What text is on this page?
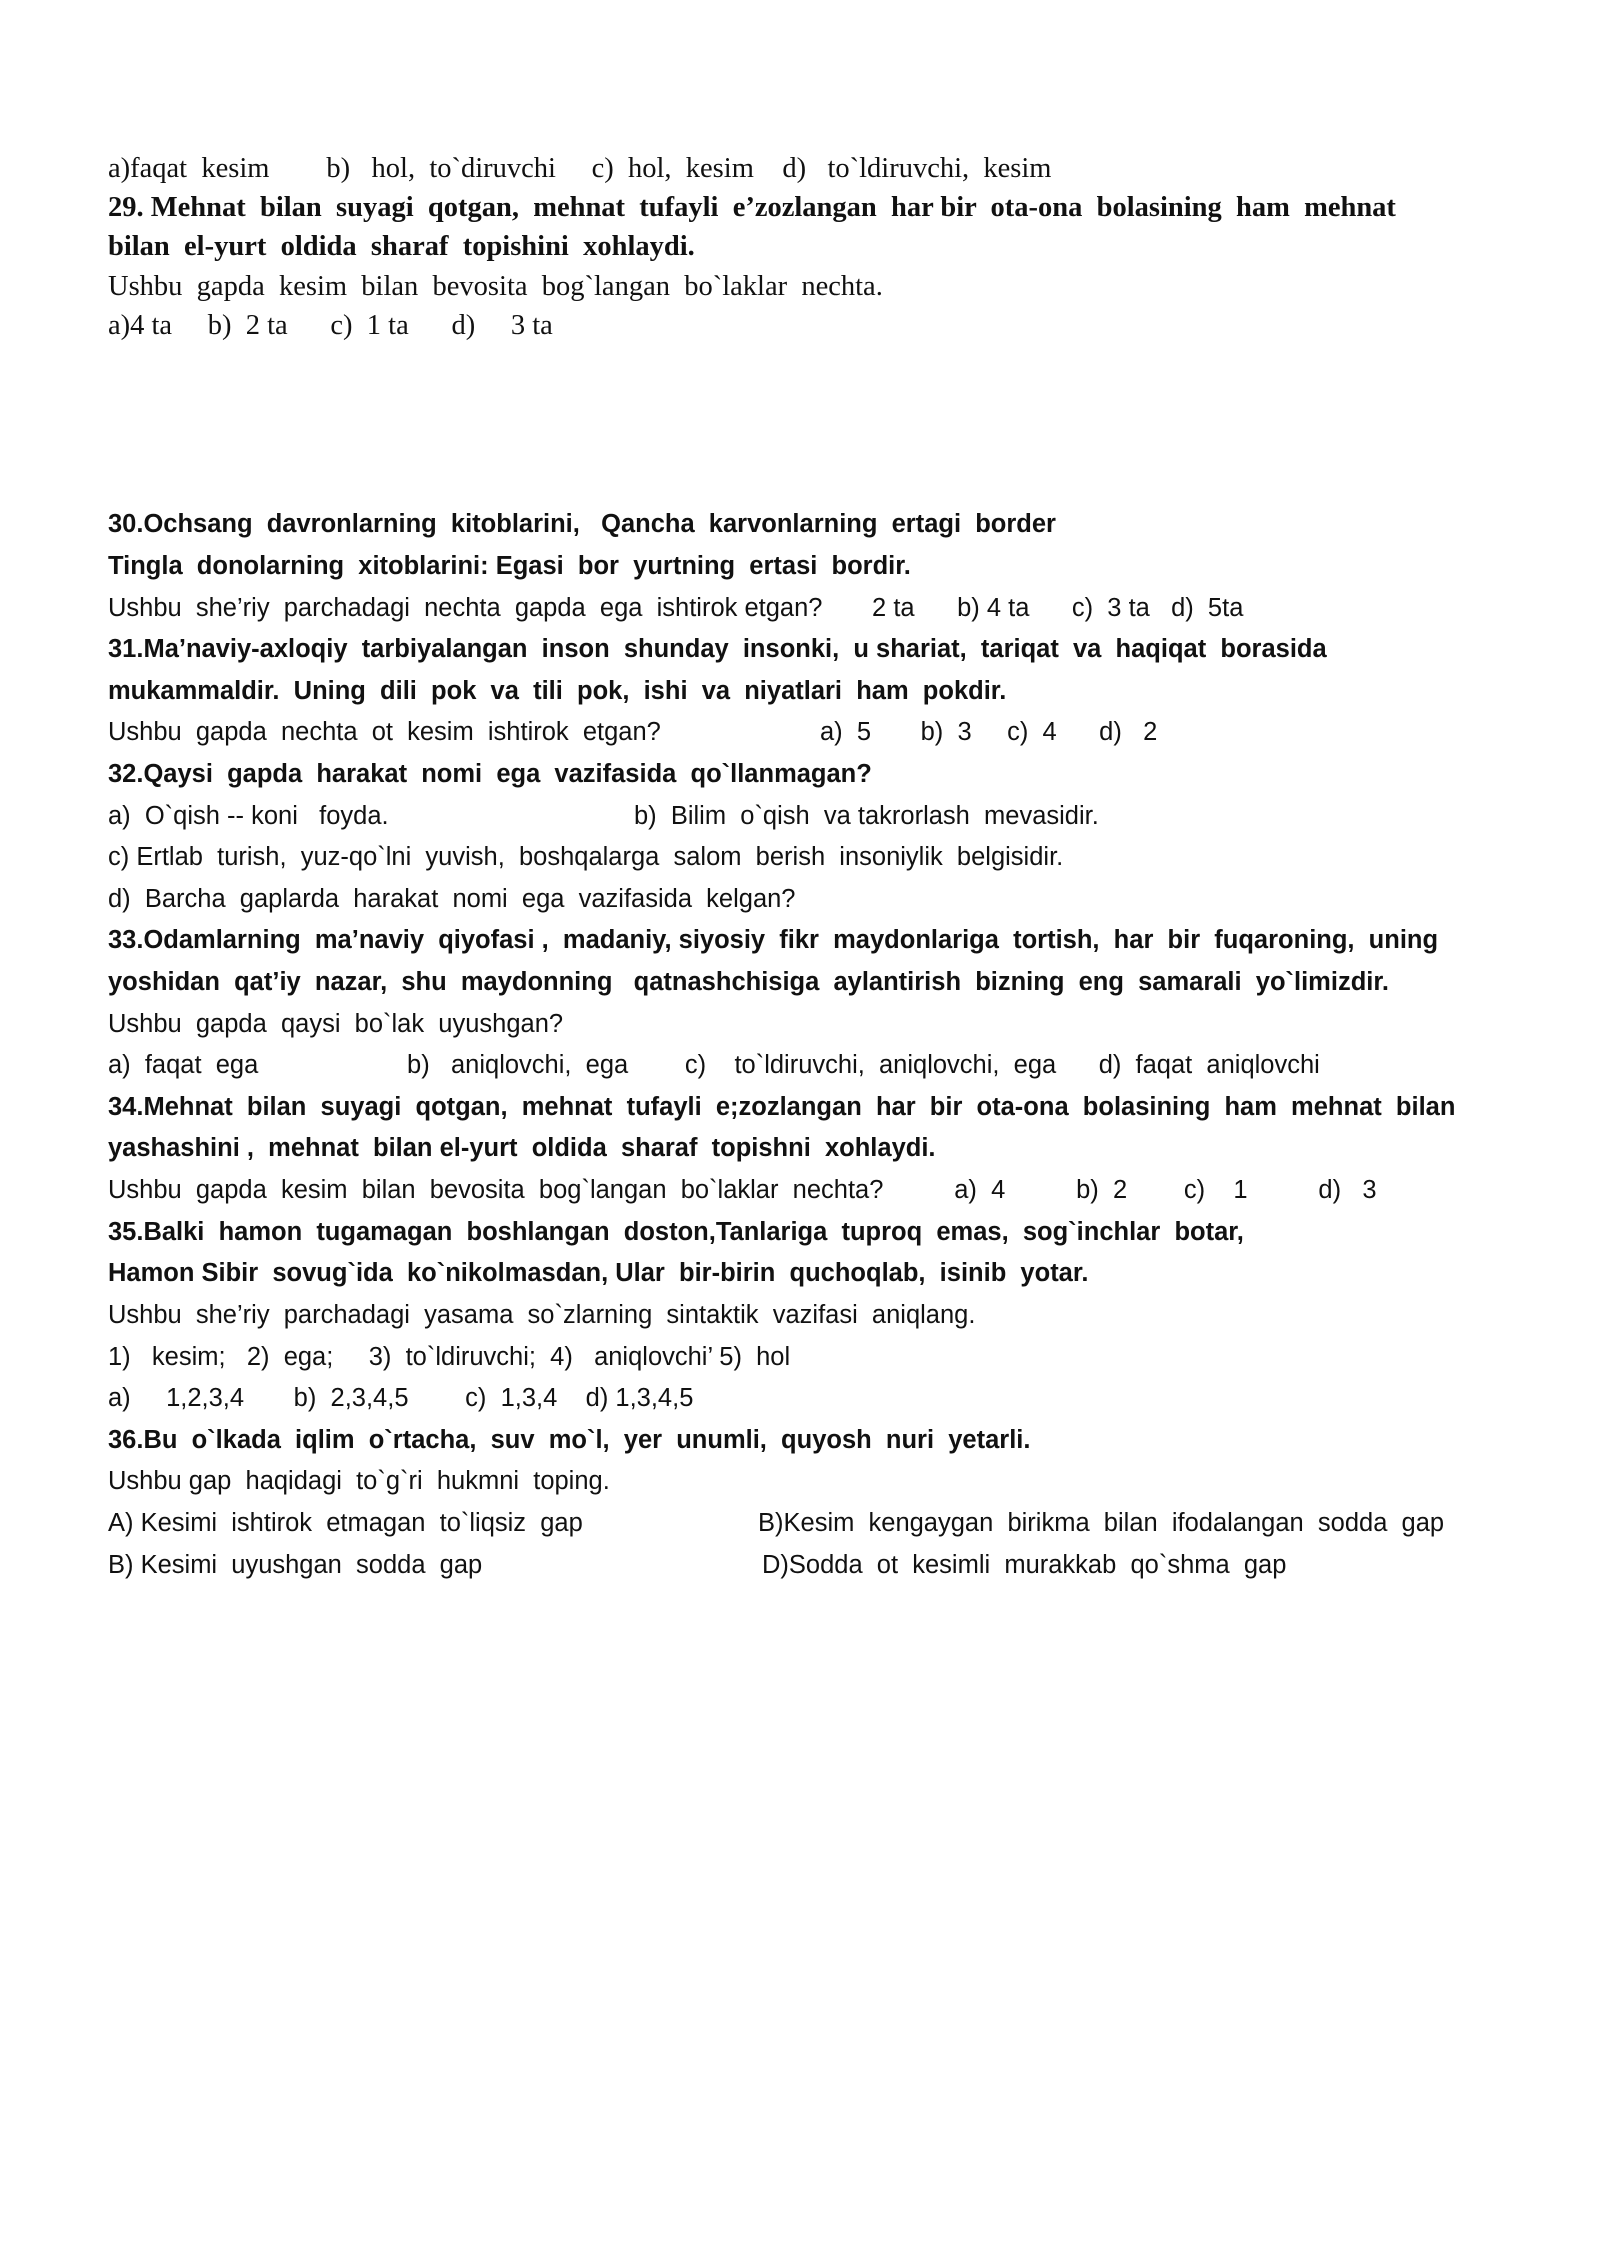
a)faqat  kesim        b)   hol,  to`diruvchi     c)  hol,  kesim    d)   to`ldiruvchi,  kesim
29. Mehnat  bilan  suyagi  qotgan,  mehnat  tufayli  e’zozlangan  har bir  ota-ona  bolasining  ham  mehnat
bilan  el-yurt  oldida  sharaf  topishini  xohlaydi.
Ushbu  gapda  kesim  bilan  bevosita  bog`langan  bo`laklar  nechta.
a)4 ta     b)  2 ta      c)  1 ta      d)     3 ta
30.Ochsang  davronlarning  kitoblarini,   Qancha  karvonlarning  ertagi  border
Tingla  donolarning  xitoblarini: Egasi  bor  yurtning  ertasi  bordir.
Ushbu  she’riy  parchadagi  nechta  gapda  ega  ishtirok etgan?       2 ta      b) 4 ta      c)  3 ta   d)  5ta
31.Ma’naviy-axloqiy  tarbiyalangan  inson  shunday  insonki,  u shariat,  tariqat  va  haqiqat  borasida
mukammaldir.  Uning  dili  pok  va  tili  pok,  ishi  va  niyatlari  ham  pokdir.
Ushbu  gapda  nechta  ot  kesim  ishtirok  etgan?	a)  5       b)  3     c)  4      d)   2
32.Qaysi  gapda  harakat  nomi  ega  vazifasida  qo`llanmagan?
a)  O`qish -- koni   foyda.	b)  Bilim  o`qish  va takrorlash  mevasidir.
c) Ertlab  turish,  yuz-qo`lni  yuvish,  boshqalarga  salom  berish  insoniylik  belgisidir.
d)  Barcha  gaplarda  harakat  nomi  ega  vazifasida  kelgan?
33.Odamlarning  ma’naviy  qiyofasi ,  madaniy, siyosiy  fikr  maydonlariga  tortish,  har  bir  fuqaroning,  uning
yoshidan  qat’iy  nazar,  shu  maydonning   qatnashchisiga  aylantirish  bizning  eng  samarali  yo`limizdir.
Ushbu  gapda  qaysi  bo`lak  uyushgan?
a)  faqat  ega                     b)   aniqlovchi,  ega        c)    to`ldiruvchi,  aniqlovchi,  ega      d)  faqat  aniqlovchi
34.Mehnat  bilan  suyagi  qotgan,  mehnat  tufayli  e;zozlangan  har  bir  ota-ona  bolasining  ham  mehnat  bilan
yashashini ,  mehnat  bilan el-yurt  oldida  sharaf  topishni  xohlaydi.
Ushbu  gapda  kesim  bilan  bevosita  bog`langan  bo`laklar  nechta?          a)  4          b)  2        c)    1          d)   3
35.Balki  hamon  tugamagan  boshlangan  doston,Tanlariga  tuproq  emas,  sog`inchlar  botar,
Hamon Sibir  sovug`ida  ko`nikolmasdan, Ular  bir-birin  quchoqlab,  isinib  yotar.
Ushbu  she’riy  parchadagi  yasama  so`zlarning  sintaktik  vazifasi  aniqlang.
1)   kesim;   2)  ega;     3)  to`ldiruvchi;  4)   aniqlovchi’ 5)  hol
a)     1,2,3,4       b)  2,3,4,5        c)  1,3,4    d) 1,3,4,5
36.Bu  o`lkada  iqlim  o`rtacha,  suv  mo`l,  yer  unumli,  quyosh  nuri  yetarli.
Ushbu gap  haqidagi  to`g`ri  hukmni  toping.
A) Kesimi  ishtirok  etmagan  to`liqsiz  gap	B)Kesim  kengaygan  birikma  bilan  ifodalangan  sodda  gap
B) Kesimi  uyushgan  sodda  gap	D)Sodda  ot  kesimli  murakkab  qo`shma  gap
